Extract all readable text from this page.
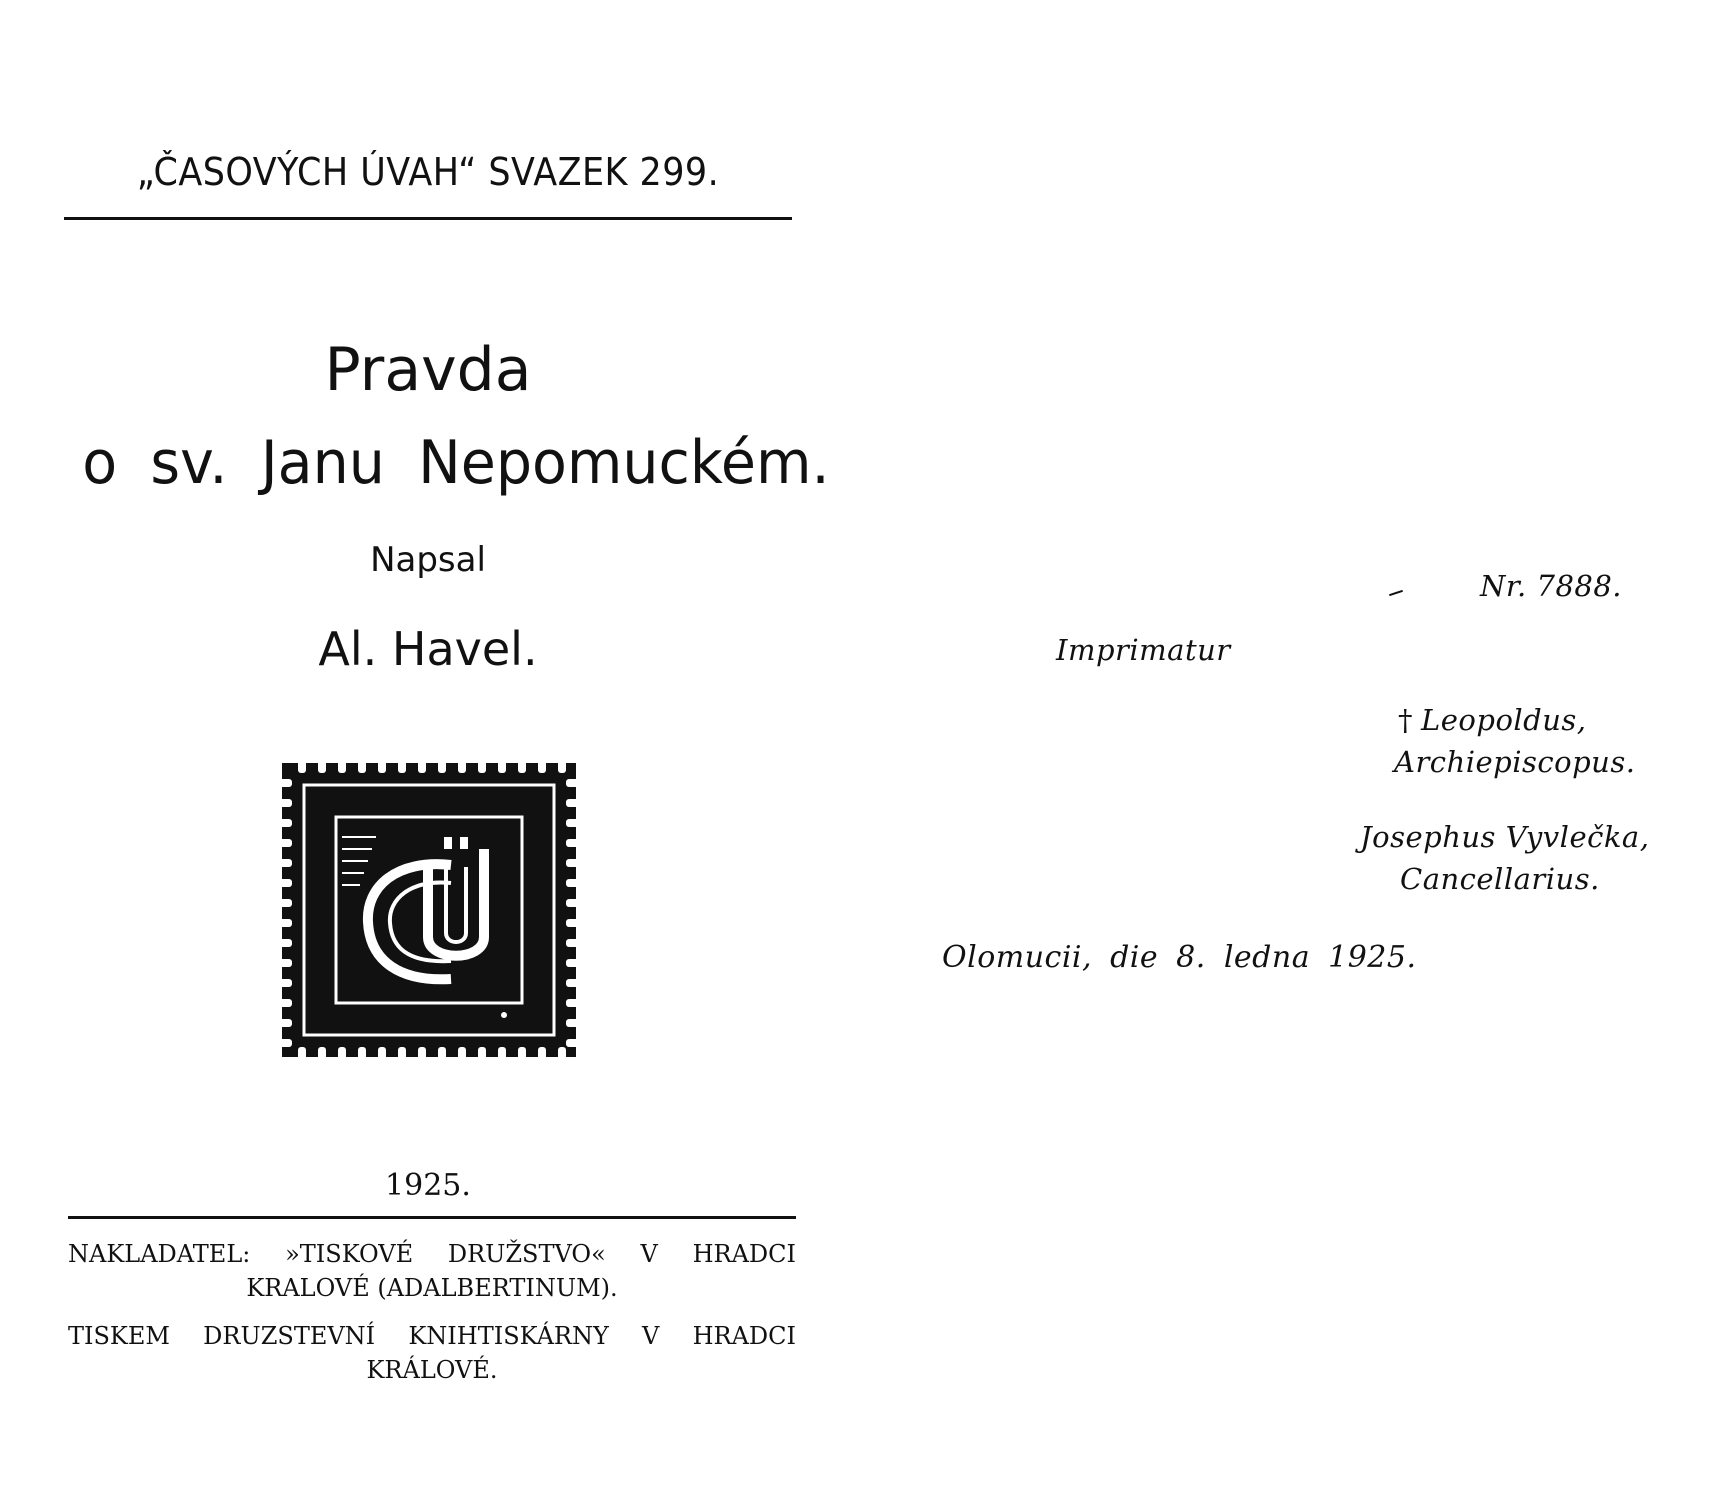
„ČASOVÝCH ÚVAH“ SVAZEK 299.
Pravda
o sv. Janu Nepomuckém.
Napsal
Al. Havel.
1925.
NAKLADATEL: »TISKOVÉ DRUŽSTVO« V HRADCI
KRALOVÉ (ADALBERTINUM).
TISKEM DRUZSTEVNÍ KNIHTISKÁRNY V HRADCI
KRÁLOVÉ.
Nr. 7888.
Imprimatur
† Leopoldus,
Archiepiscopus.
Josephus Vyvlečka,
Cancellarius.
Olomucii, die 8. ledna 1925.
